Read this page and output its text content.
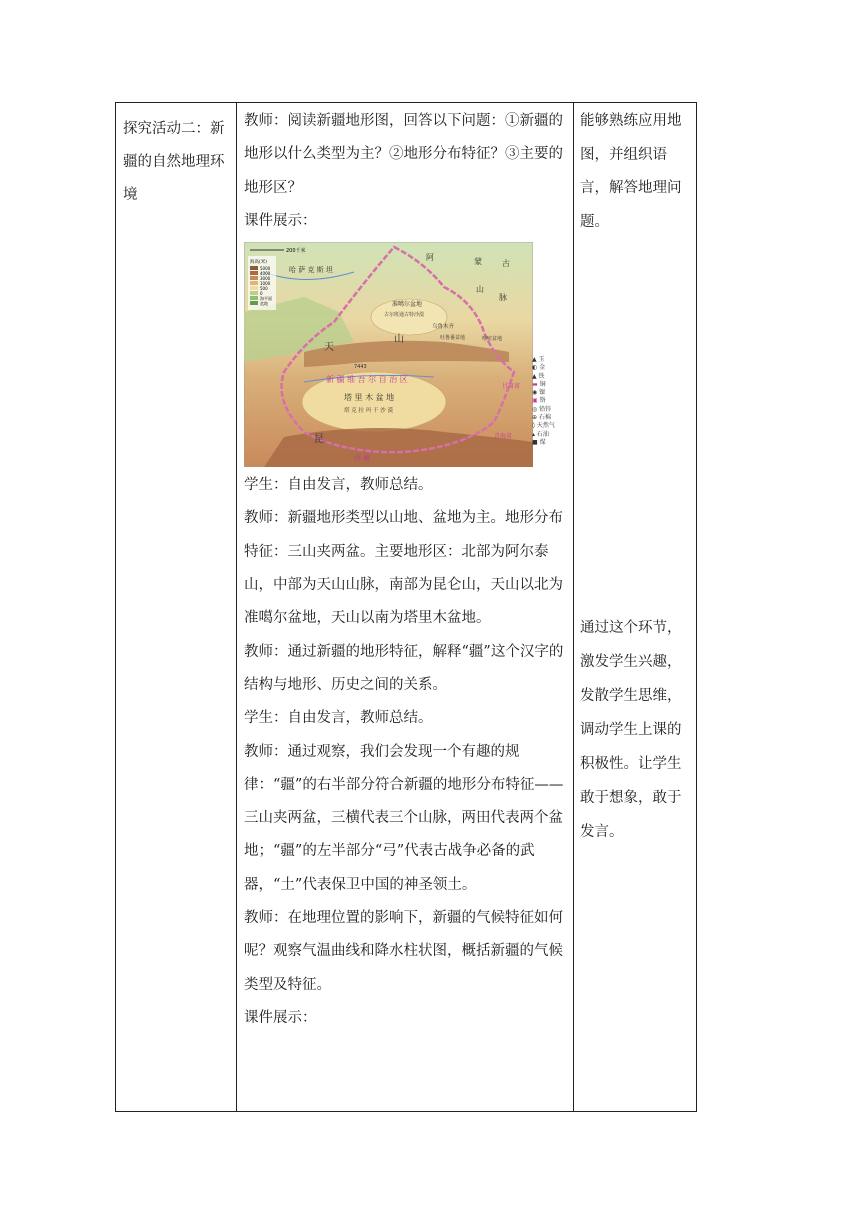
探究活动二：新疆的自然地理环境

教师：阅读新疆地形图，回答以下问题：①新疆的地形以什么类型为主？②地形分布特征？③主要的地形区？

课件展示：

200千米
海高(米)
5000
4000
3000
1000
500
0
海平面
盆地
哈 萨 克 斯 坦
蒙	古
阿
山
脉
准噶尔盆地
古尔班通古特沙漠
乌鲁木齐
吐鲁番盆地	哈密盆地
天
山
7443
新 疆 维 吾 尔 自 治 区
塔 里 木 盆 地
塔 克 拉 玛 干 沙 漠
甘肃省
青海省
西 藏
昆

学生：自由发言，教师总结。

教师：新疆地形类型以山地、盆地为主。地形分布特征：三山夹两盆。主要地形区：北部为阿尔泰山，中部为天山山脉，南部为昆仑山，天山以北为准噶尔盆地，天山以南为塔里木盆地。

教师：通过新疆的地形特征，解释“疆”这个汉字的结构与地形、历史之间的关系。

学生：自由发言，教师总结。

教师：通过观察，我们会发现一个有趣的规律：“疆”的右半部分符合新疆的地形分布特征——三山夹两盆，三横代表三个山脉，两田代表两个盆地；“疆”的左半部分“弓”代表古战争必备的武器，“土”代表保卫中国的神圣领土。

教师：在地理位置的影响下，新疆的气候特征如何呢？观察气温曲线和降水柱状图，概括新疆的气候类型及特征。

课件展示：

能够熟练应用地图，并组织语言，解答地理问题。
通过这个环节，激发学生兴趣，发散学生思维，调动学生上课的积极性。让学生敢于想象，敢于发言。
▲ 玉
◐ 金
▲ 铁
▬ 铜
◉ 镍
▣ 铬
◎ 铅锌
⊕ 石棉
◊ 天然气
▴ 石油
■ 煤
